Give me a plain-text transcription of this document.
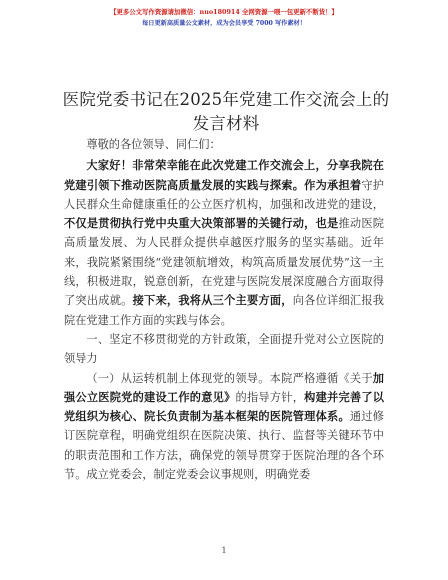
【更多公文写作资源请加微信：nuo180914 全网资源一喂一包更新不断货！】
每日更新高质量公文素材，成为会员享受 7000 写作素材！
医院党委书记在2025年党建工作交流会上的发言材料

尊敬的各位领导、同仁们：

大家好！非常荣幸能在此次党建工作交流会上，分享我院在党建引领下推动医院高质量发展的实践与探索。作为承担着守护人民群众生命健康重任的公立医疗机构，加强和改进党的建设，不仅是贯彻执行党中央重大决策部署的关键行动，也是推动医院高质量发展、为人民群众提供卓越医疗服务的坚实基础。近年来，我院紧紧围绕“党建领航增效，构筑高质量发展优势”这一主线，积极进取，锐意创新，在党建与医院发展深度融合方面取得了突出成就。接下来，我将从三个主要方面，向各位详细汇报我院在党建工作方面的实践与体会。

一、坚定不移贯彻党的方针政策，全面提升党对公立医院的领导力

（一）从运转机制上体现党的领导。本院严格遵循《关于加强公立医院党的建设工作的意见》的指导方针，构建并完善了以党组织为核心、院长负责制为基本框架的医院管理体系。通过修订医院章程，明确党组织在医院决策、执行、监督等关键环节中的职责范围和工作方法，确保党的领导贯穿于医院治理的各个环节。成立党委会，制定党委会议事规则，明确党委

1
